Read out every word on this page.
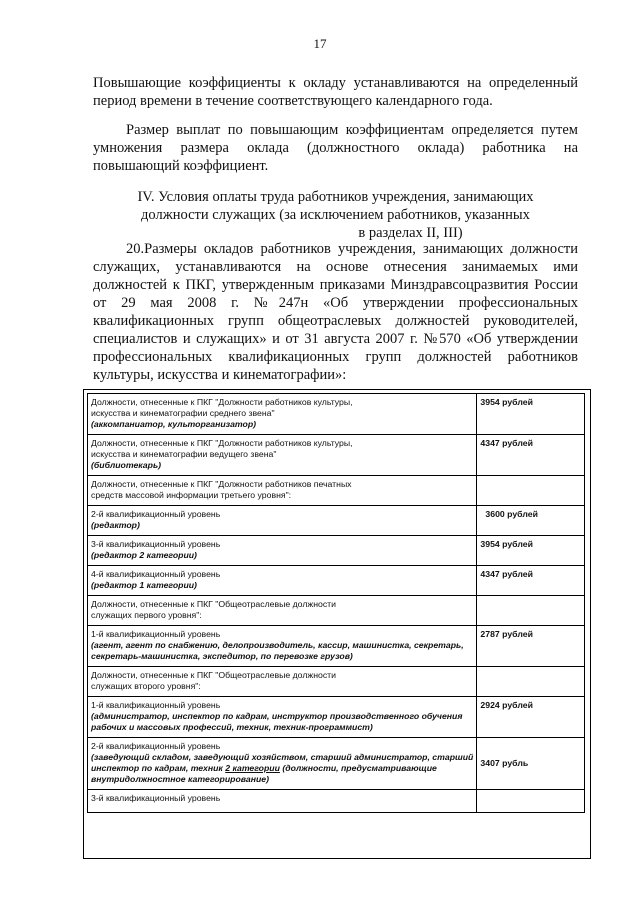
17
Повышающие коэффициенты к окладу устанавливаются на определенный
период времени в течение соответствующего календарного года.
Размер выплат по повышающим коэффициентам определяется путем
умножения размера оклада (должностного оклада) работника на
повышающий коэффициент.
IV. Условия оплаты труда работников учреждения, занимающих
должности служащих (за исключением работников, указанных
в разделах II, III)
20.Размеры окладов работников учреждения, занимающих должности
служащих, устанавливаются на основе отнесения занимаемых ими
должностей к ПКГ, утвержденным приказами Минздравсоцразвития России
от 29 мая 2008 г. №247н «Об утверждении профессиональных
квалификационных групп общеотраслевых должностей руководителей,
специалистов и служащих» и от 31 августа 2007 г. №570 «Об утверждении
профессиональных квалификационных групп должностей работников
культуры, искусства и кинематографии»:
Должности, отнесенные к ПКГ "Должности работников культуры,
искусства и кинематографии среднего звена"
(аккомпаниатор, культорганизатор)	3954 рублей

Должности, отнесенные к ПКГ "Должности работников культуры,
искусства и кинематографии ведущего звена"
(библиотекарь)	4347 рублей

Должности, отнесенные к ПКГ "Должности работников печатных
средств массовой информации третьего уровня":	

2-й квалификационный уровень
(редактор)	3600 рублей

3-й квалификационный уровень
(редактор 2 категории)	3954 рублей

4-й квалификационный уровень
(редактор 1 категории)	4347 рублей

Должности, отнесенные к ПКГ "Общеотраслевые должности
служащих первого уровня":	

1-й квалификационный уровень
(агент, агент по снабжению, делопроизводитель, кассир, машинистка, секретарь, секретарь-машинистка, экспедитор, по перевозке грузов)	2787 рублей

Должности, отнесенные к ПКГ "Общеотраслевые должности
служащих второго уровня":	

1-й квалификационный уровень
(администратор, инспектор по кадрам, инструктор производственного обучения рабочих и массовых профессий, техник, техник-программист)	2924 рублей

2-й квалификационный уровень
(заведующий складом, заведующий хозяйством, старший администратор, старший инспектор по кадрам, техник 2 категории (должности, предусматривающие внутридолжностное категорирование)	3407 рубль

3-й квалификационный уровень	
